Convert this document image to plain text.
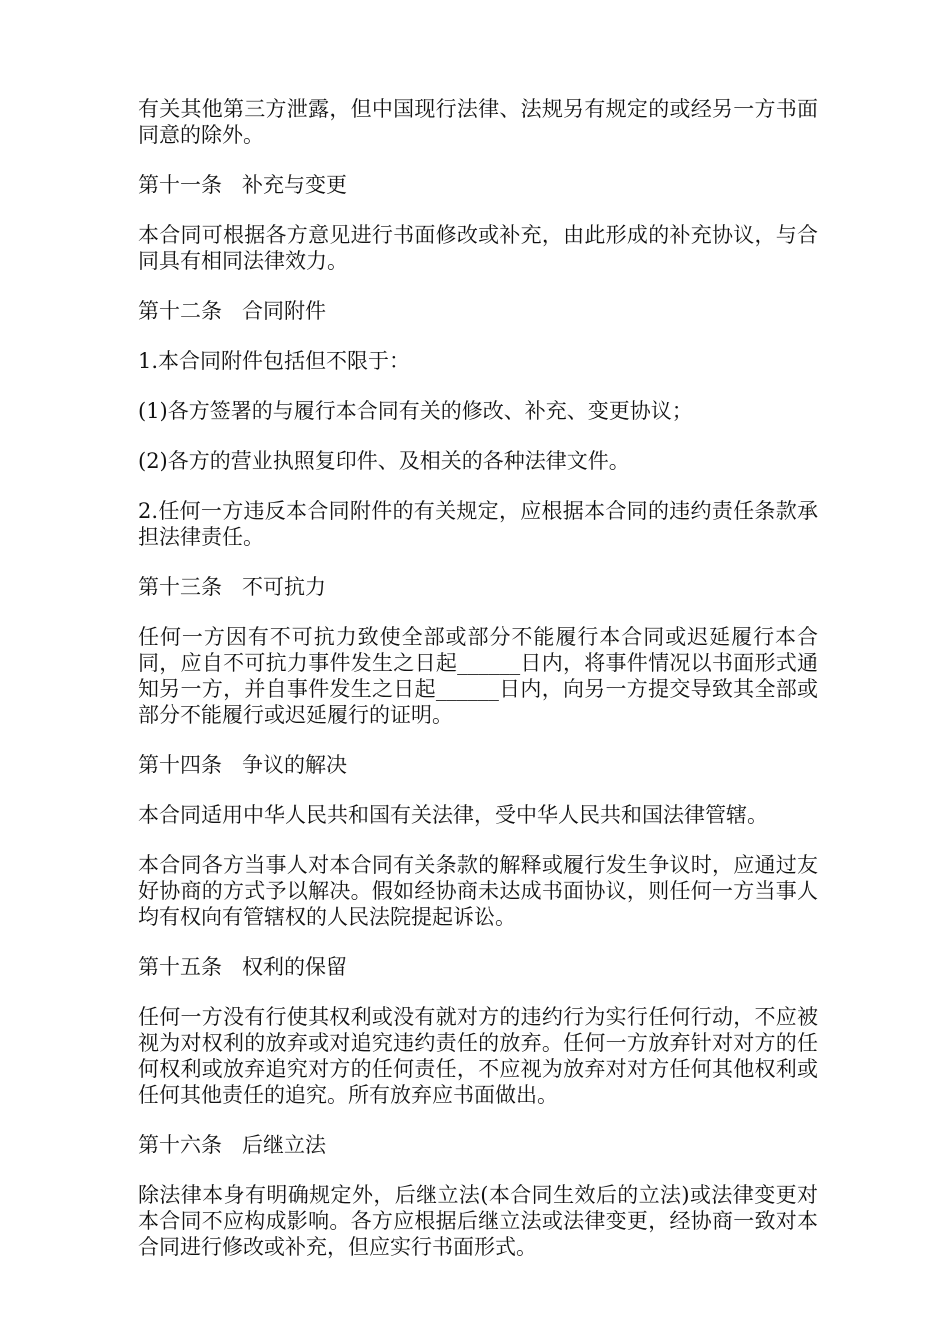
有关其他第三方泄露，但中国现行法律、法规另有规定的或经另一方书面同意的除外。

第十一条   补充与变更

本合同可根据各方意见进行书面修改或补充，由此形成的补充协议，与合同具有相同法律效力。

第十二条   合同附件

1.本合同附件包括但不限于：

(1)各方签署的与履行本合同有关的修改、补充、变更协议；

(2)各方的营业执照复印件、及相关的各种法律文件。

2.任何一方违反本合同附件的有关规定，应根据本合同的违约责任条款承担法律责任。

第十三条   不可抗力

任何一方因有不可抗力致使全部或部分不能履行本合同或迟延履行本合同，应自不可抗力事件发生之日起______日内，将事件情况以书面形式通知另一方，并自事件发生之日起______日内，向另一方提交导致其全部或部分不能履行或迟延履行的证明。

第十四条   争议的解决

本合同适用中华人民共和国有关法律，受中华人民共和国法律管辖。

本合同各方当事人对本合同有关条款的解释或履行发生争议时，应通过友好协商的方式予以解决。假如经协商未达成书面协议，则任何一方当事人均有权向有管辖权的人民法院提起诉讼。

第十五条   权利的保留

任何一方没有行使其权利或没有就对方的违约行为实行任何行动，不应被视为对权利的放弃或对追究违约责任的放弃。任何一方放弃针对对方的任何权利或放弃追究对方的任何责任，不应视为放弃对对方任何其他权利或任何其他责任的追究。所有放弃应书面做出。

第十六条   后继立法

除法律本身有明确规定外，后继立法(本合同生效后的立法)或法律变更对本合同不应构成影响。各方应根据后继立法或法律变更，经协商一致对本合同进行修改或补充，但应实行书面形式。
